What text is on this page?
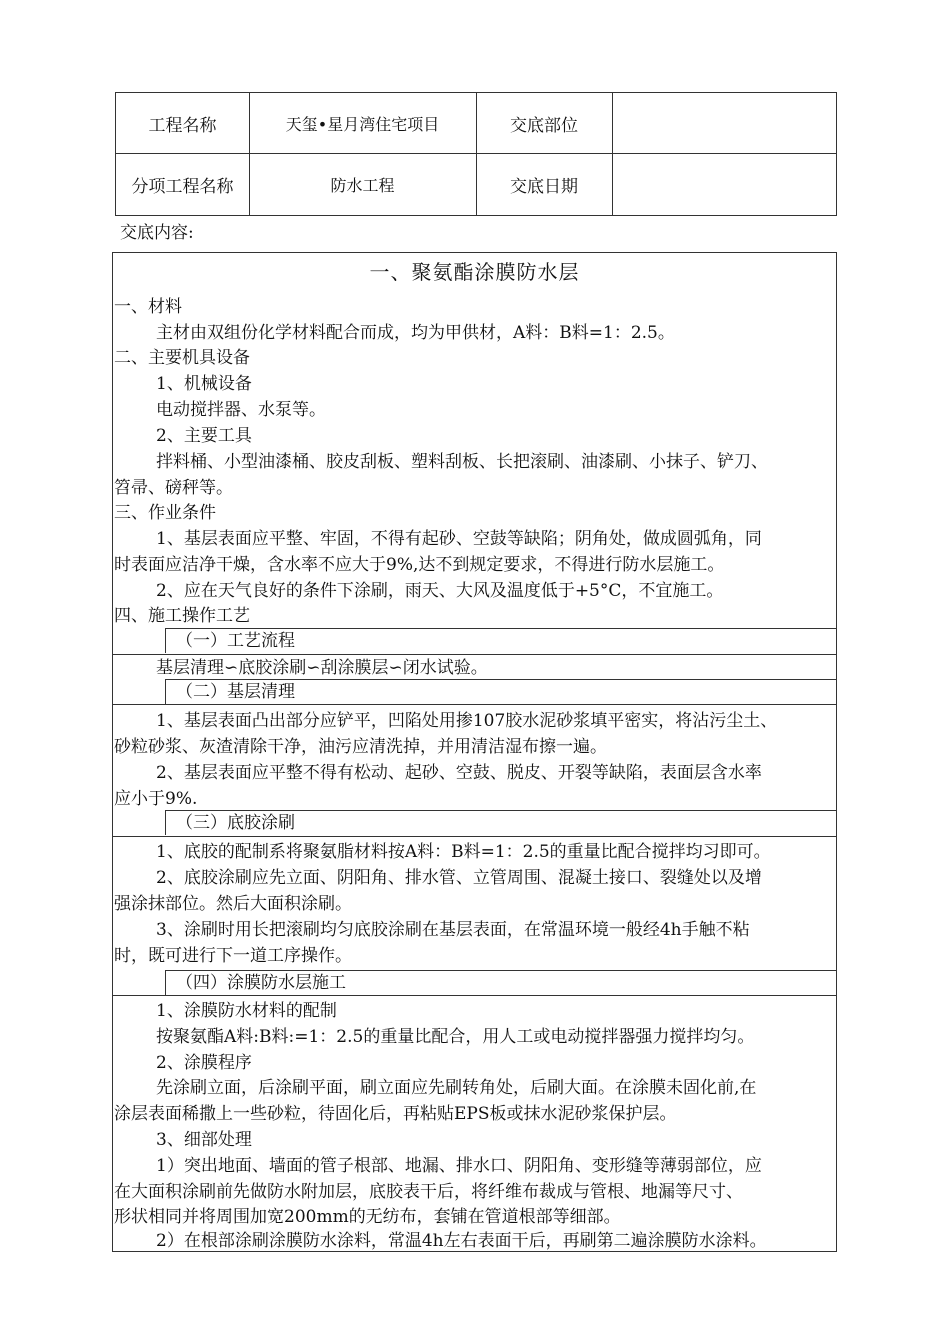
工程名称	天玺•星月湾住宅项目	交底部位
分项工程名称	防水工程	交底日期
交底内容:
一、聚氨酯涂膜防水层
一、材料
主材由双组份化学材料配合而成，均为甲供材，A料：B料=1：2.5。
二、主要机具设备
1、机械设备
电动搅拌器、水泵等。
2、主要工具
拌料桶、小型油漆桶、胶皮刮板、塑料刮板、长把滚刷、油漆刷、小抹子、铲刀、
笤帚、磅秤等。
三、作业条件
1、基层表面应平整、牢固，不得有起砂、空鼓等缺陷；阴角处，做成圆弧角，同
时表面应洁净干燥，含水率不应大于9%,达不到规定要求，不得进行防水层施工。
2、应在天气良好的条件下涂刷，雨天、大风及温度低于+5°C，不宜施工。
四、施工操作工艺
（一）工艺流程
基层清理∽底胶涂刷∽刮涂膜层∽闭水试验。
（二）基层清理
1、基层表面凸出部分应铲平，凹陷处用掺107胶水泥砂浆填平密实，将沾污尘土、
砂粒砂浆、灰渣清除干净，油污应清洗掉，并用清洁湿布擦一遍。
2、基层表面应平整不得有松动、起砂、空鼓、脱皮、开裂等缺陷，表面层含水率
应小于9%.
（三）底胶涂刷
1、底胶的配制系将聚氨脂材料按A料：B料=1：2.5的重量比配合搅拌均习即可。
2、底胶涂刷应先立面、阴阳角、排水管、立管周围、混凝土接口、裂缝处以及增
强涂抹部位。然后大面积涂刷。
3、涂刷时用长把滚刷均匀底胶涂刷在基层表面，在常温环境一般经4h手触不粘
时，既可进行下一道工序操作。
（四）涂膜防水层施工
1、涂膜防水材料的配制
按聚氨酯A料:B料:=1：2.5的重量比配合，用人工或电动搅拌器强力搅拌均匀。
2、涂膜程序
先涂刷立面，后涂刷平面，刷立面应先刷转角处，后刷大面。在涂膜未固化前,在
涂层表面稀撒上一些砂粒，待固化后，再粘贴EPS板或抹水泥砂浆保护层。
3、细部处理
1）突出地面、墙面的管子根部、地漏、排水口、阴阳角、变形缝等薄弱部位，应
在大面积涂刷前先做防水附加层，底胶表干后，将纤维布裁成与管根、地漏等尺寸、
形状相同并将周围加宽200mm的无纺布，套铺在管道根部等细部。
2）在根部涂刷涂膜防水涂料，常温4h左右表面干后，再刷第二遍涂膜防水涂料。
